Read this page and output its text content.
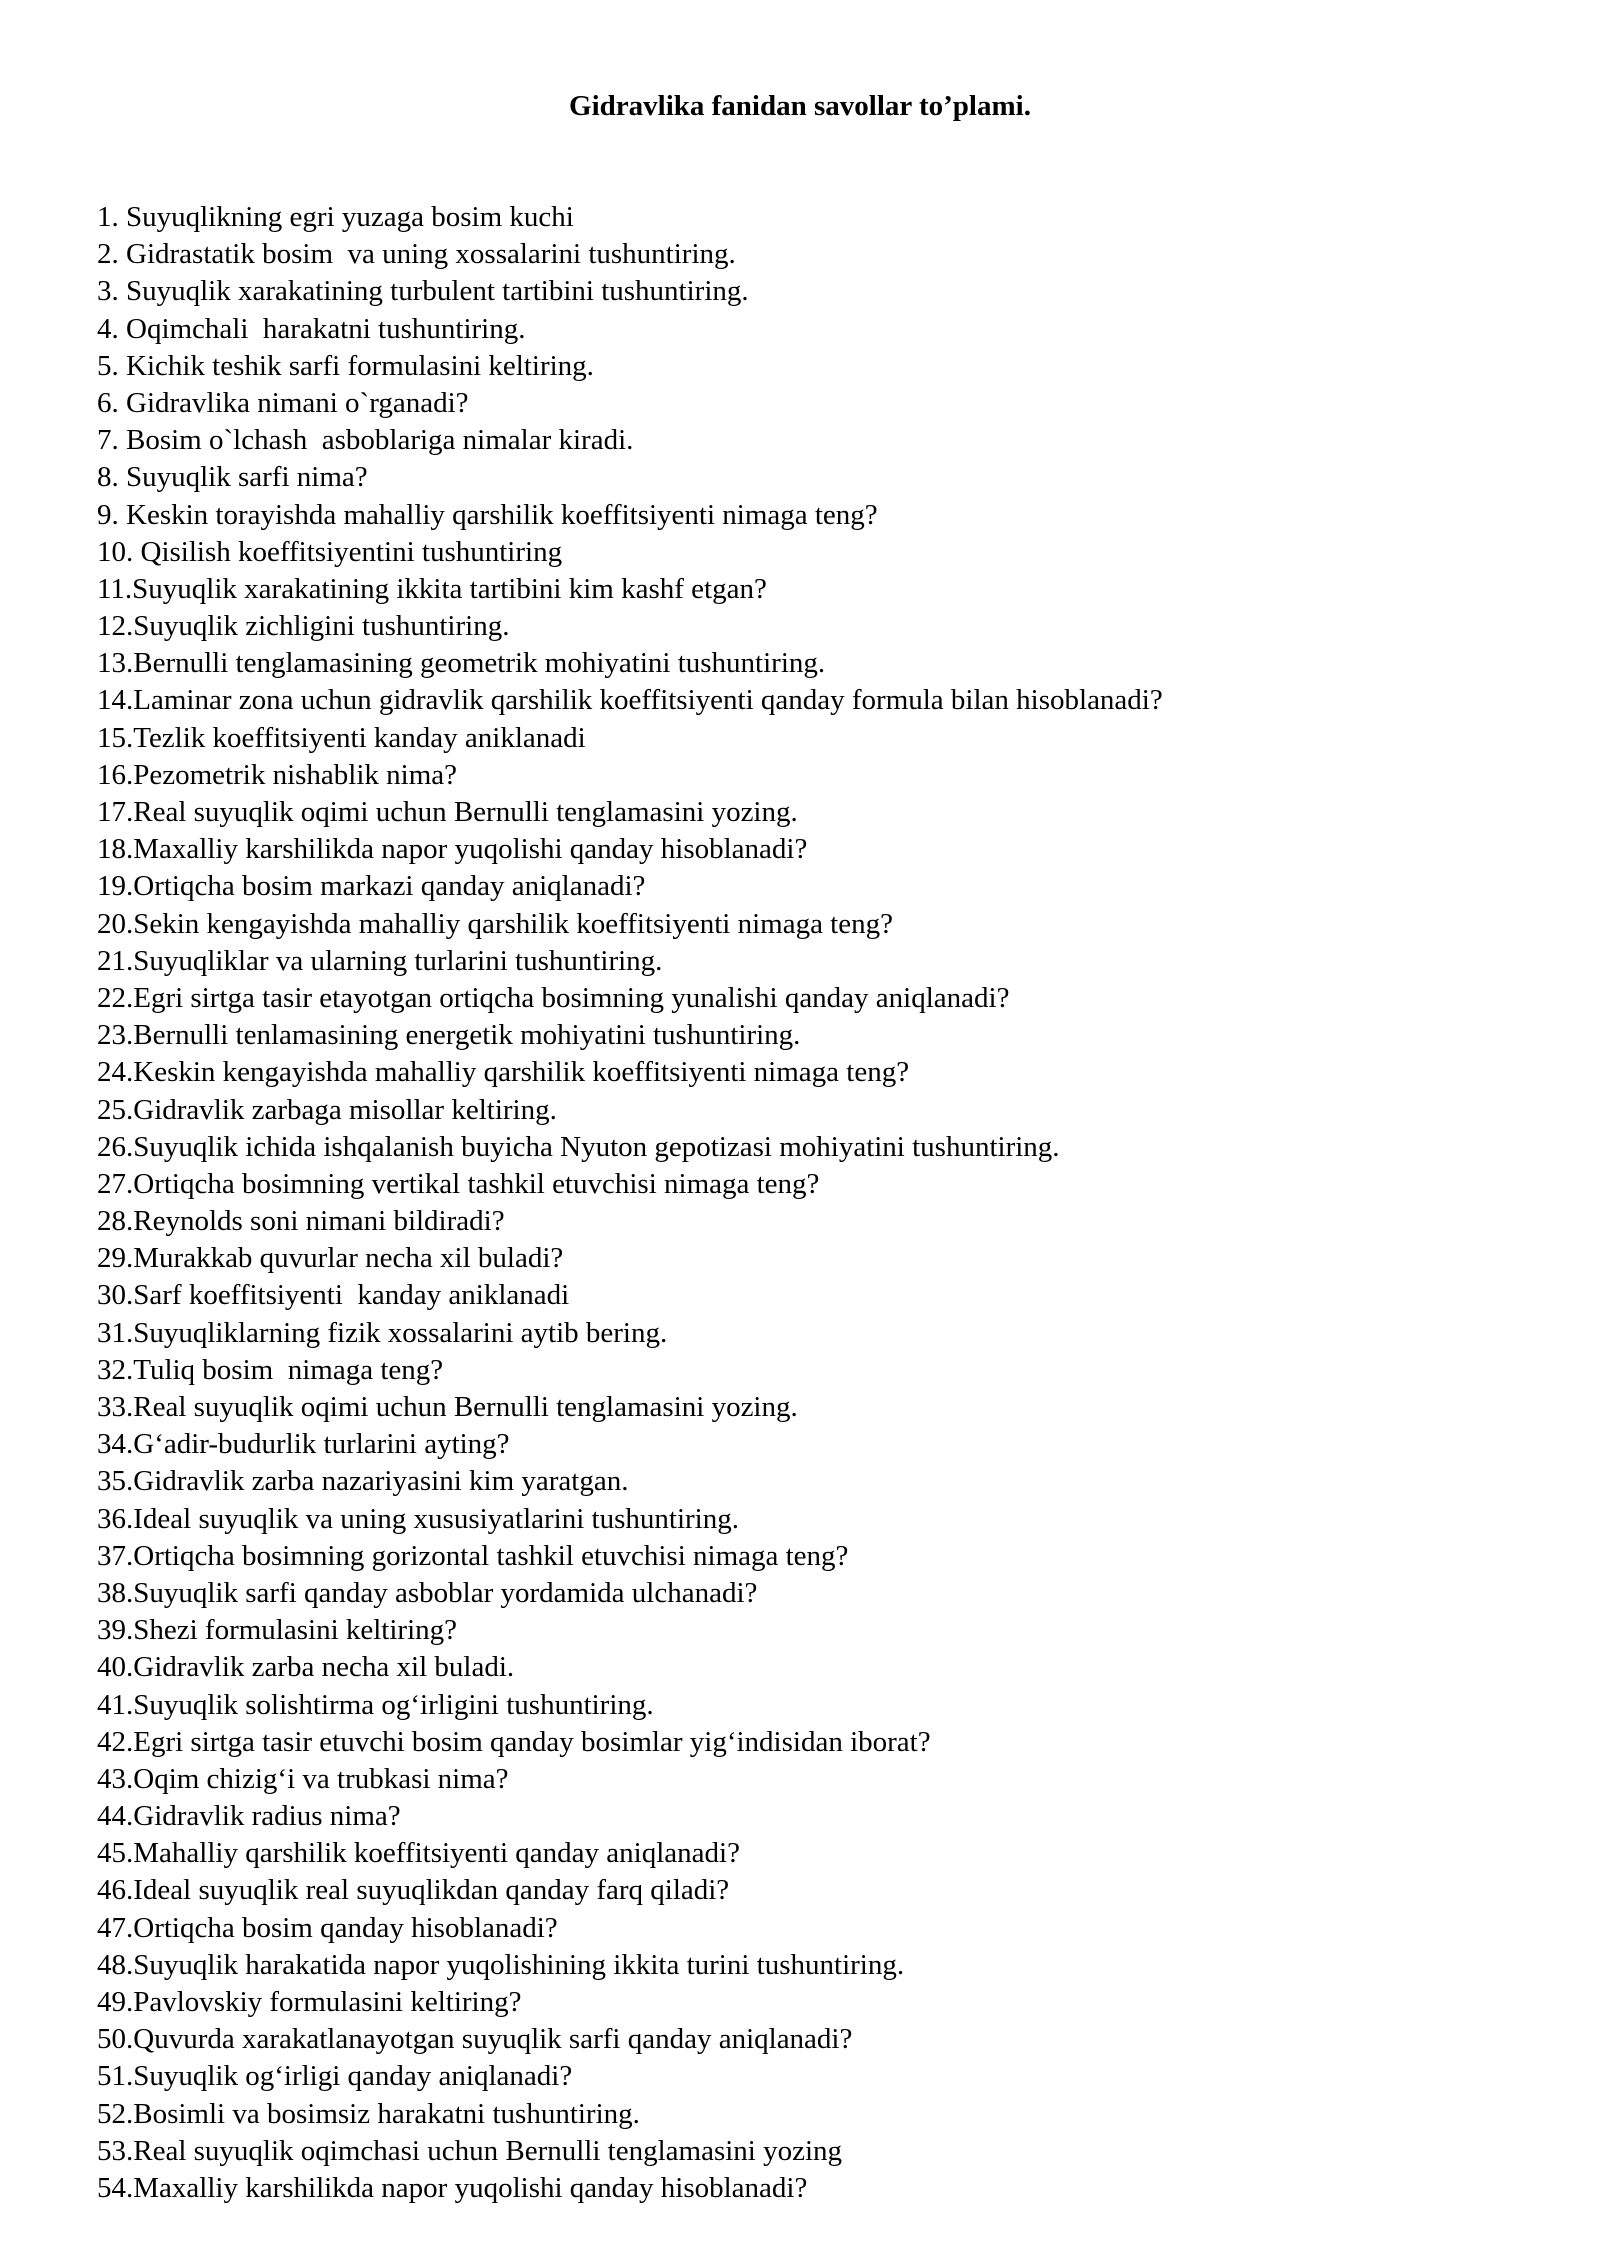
Gidravlika fanidan savollar to’plami.
1. Suyuqlikning egri yuzaga bosim kuchi
2. Gidrastatik bosim  va uning xossalarini tushuntiring.
3. Suyuqlik xarakatining turbulent tartibini tushuntiring.
4. Oqimchali  harakatni tushuntiring.
5. Kichik teshik sarfi formulasini keltiring.
6. Gidravlika nimani o`rganadi?
7. Bosim o`lchash  asboblariga nimalar kiradi.
8. Suyuqlik sarfi nima?
9. Keskin torayishda mahalliy qarshilik koeffitsiyenti nimaga teng?
10. Qisilish koeffitsiyentini tushuntiring
11.Suyuqlik xarakatining ikkita tartibini kim kashf etgan?
12.Suyuqlik zichligini tushuntiring.
13.Bernulli tenglamasining geometrik mohiyatini tushuntiring.
14.Laminar zona uchun gidravlik qarshilik koeffitsiyenti qanday formula bilan hisoblanadi?
15.Tezlik koeffitsiyenti kanday aniklanadi
16.Pezometrik nishablik nima?
17.Real suyuqlik oqimi uchun Bernulli tenglamasini yozing.
18.Maxalliy karshilikda napor yuqolishi qanday hisoblanadi?
19.Ortiqcha bosim markazi qanday aniqlanadi?
20.Sekin kengayishda mahalliy qarshilik koeffitsiyenti nimaga teng?
21.Suyuqliklar va ularning turlarini tushuntiring.
22.Egri sirtga tasir etayotgan ortiqcha bosimning yunalishi qanday aniqlanadi?
23.Bernulli tenlamasining energetik mohiyatini tushuntiring.
24.Keskin kengayishda mahalliy qarshilik koeffitsiyenti nimaga teng?
25.Gidravlik zarbaga misollar keltiring.
26.Suyuqlik ichida ishqalanish buyicha Nyuton gepotizasi mohiyatini tushuntiring.
27.Ortiqcha bosimning vertikal tashkil etuvchisi nimaga teng?
28.Reynolds soni nimani bildiradi?
29.Murakkab quvurlar necha xil buladi?
30.Sarf koeffitsiyenti  kanday aniklanadi
31.Suyuqliklarning fizik xossalarini aytib bering.
32.Tuliq bosim  nimaga teng?
33.Real suyuqlik oqimi uchun Bernulli tenglamasini yozing.
34.G‘adir-budurlik turlarini ayting?
35.Gidravlik zarba nazariyasini kim yaratgan.
36.Ideal suyuqlik va uning xususiyatlarini tushuntiring.
37.Ortiqcha bosimning gorizontal tashkil etuvchisi nimaga teng?
38.Suyuqlik sarfi qanday asboblar yordamida ulchanadi?
39.Shezi formulasini keltiring?
40.Gidravlik zarba necha xil buladi.
41.Suyuqlik solishtirma og‘irligini tushuntiring.
42.Egri sirtga tasir etuvchi bosim qanday bosimlar yig‘indisidan iborat?
43.Oqim chizig‘i va trubkasi nima?
44.Gidravlik radius nima?
45.Mahalliy qarshilik koeffitsiyenti qanday aniqlanadi?
46.Ideal suyuqlik real suyuqlikdan qanday farq qiladi?
47.Ortiqcha bosim qanday hisoblanadi?
48.Suyuqlik harakatida napor yuqolishining ikkita turini tushuntiring.
49.Pavlovskiy formulasini keltiring?
50.Quvurda xarakatlanayotgan suyuqlik sarfi qanday aniqlanadi?
51.Suyuqlik og‘irligi qanday aniqlanadi?
52.Bosimli va bosimsiz harakatni tushuntiring.
53.Real suyuqlik oqimchasi uchun Bernulli tenglamasini yozing
54.Maxalliy karshilikda napor yuqolishi qanday hisoblanadi?
